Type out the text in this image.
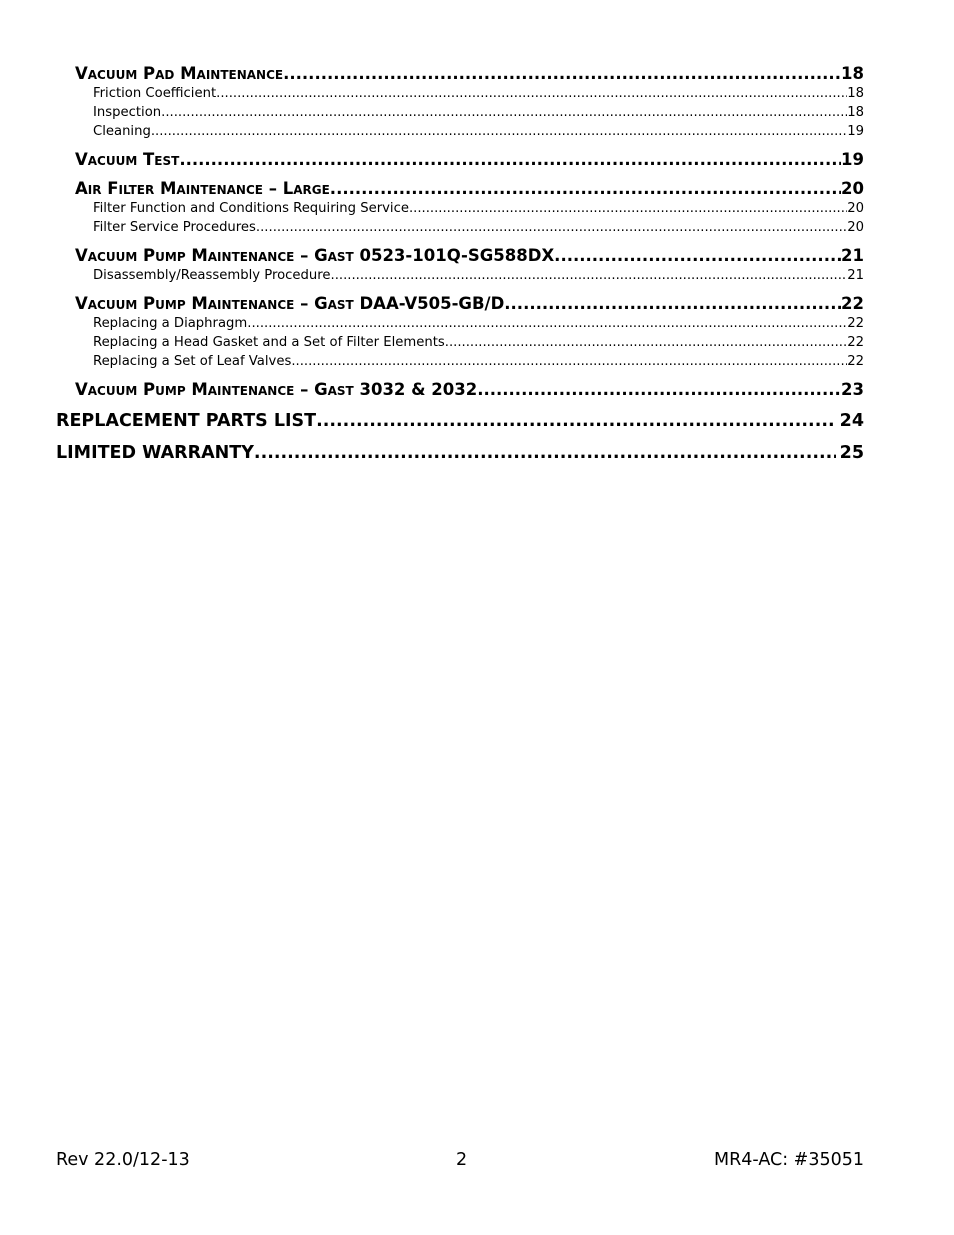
Vacuum Pad Maintenance .....	18
Friction Coefficient .....	18
Inspection .....	18
Cleaning .....	19
Vacuum Test .....	19
Air Filter Maintenance – Large .....	20
Filter Function and Conditions Requiring Service .....	20
Filter Service Procedures .....	20
Vacuum Pump Maintenance – Gast 0523-101Q-SG588DX .....	21
Disassembly/Reassembly Procedure .....	21
Vacuum Pump Maintenance – Gast DAA-V505-GB/D .....	22
Replacing a Diaphragm .....	22
Replacing a Head Gasket and a Set of Filter Elements .....	22
Replacing a Set of Leaf Valves .....	22
Vacuum Pump Maintenance – Gast 3032 & 2032 .....	23
REPLACEMENT PARTS LIST .....	24
LIMITED WARRANTY .....	25
Rev 22.0/12-13	2	MR4-AC: #35051
